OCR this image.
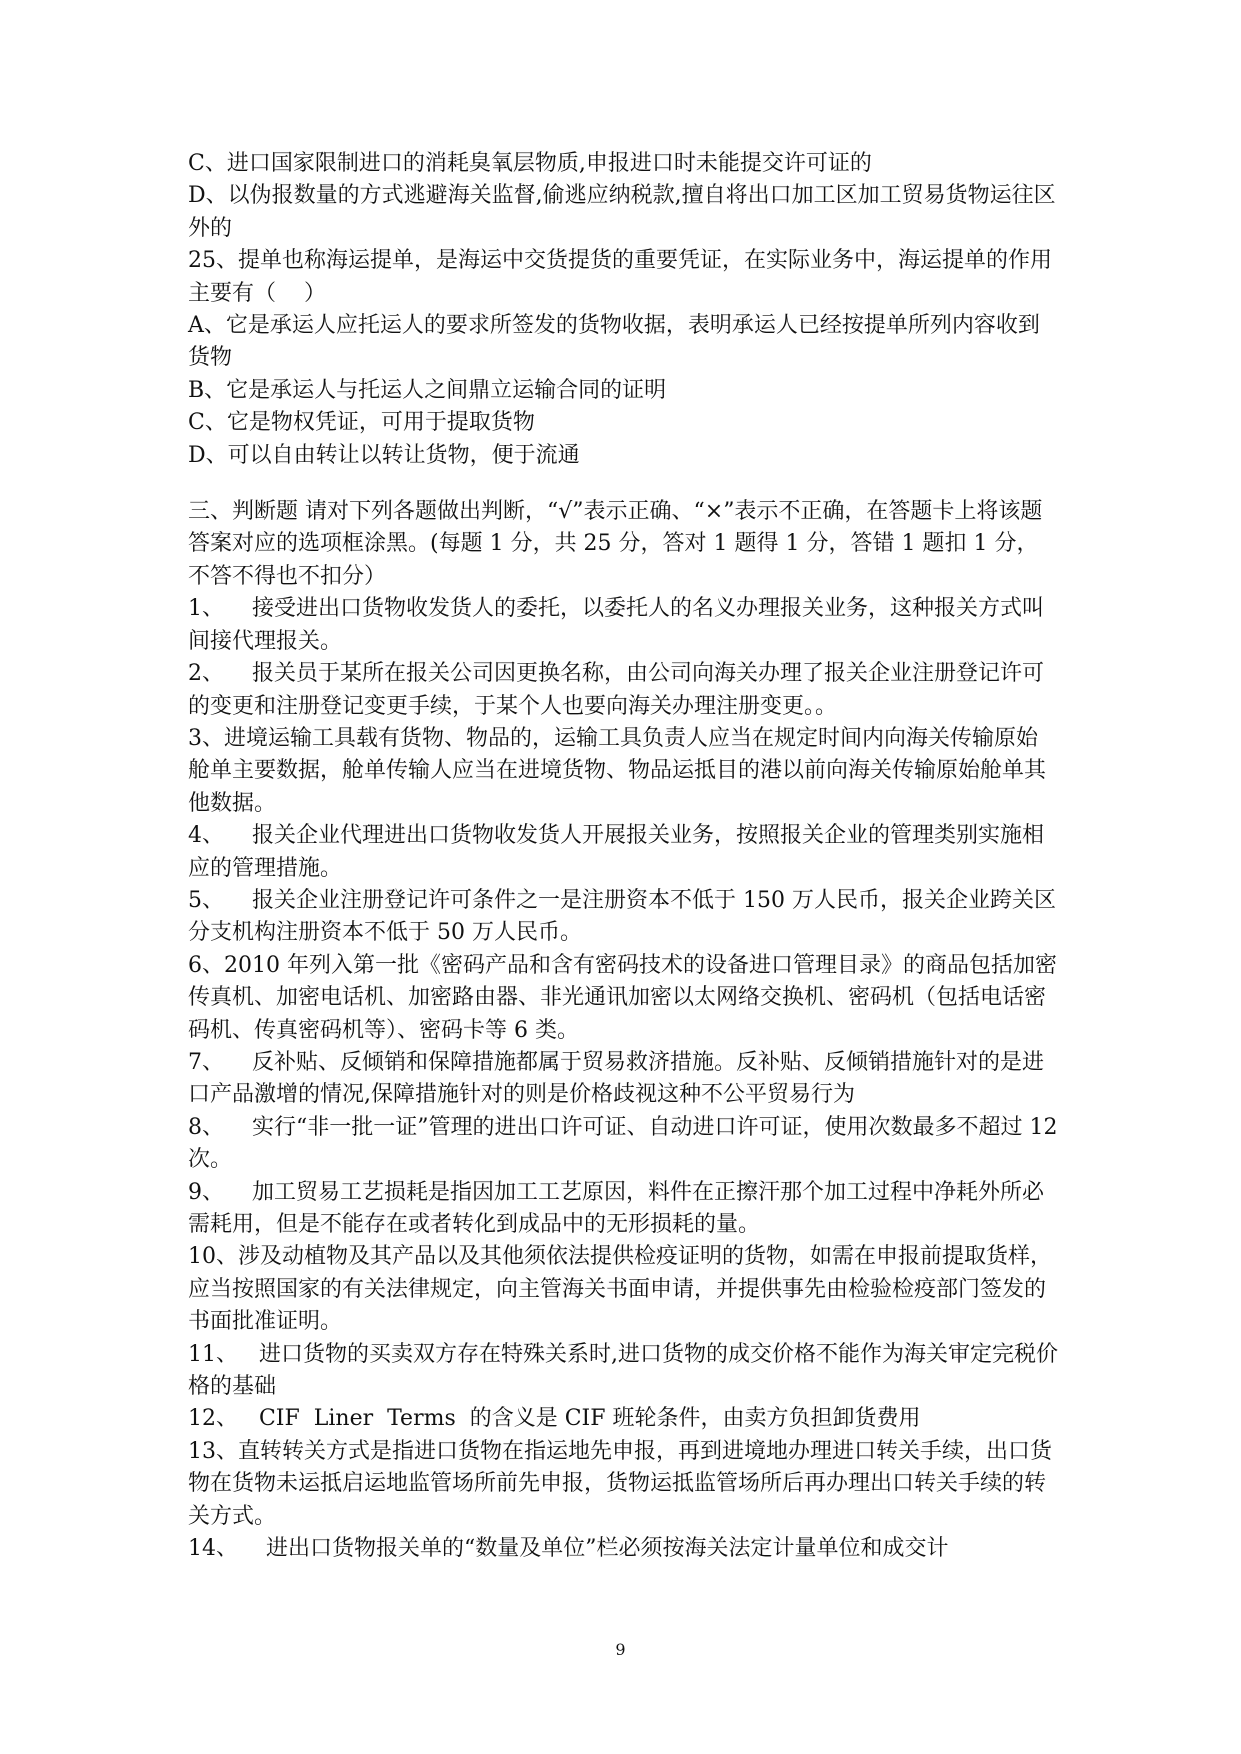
C、进口国家限制进口的消耗臭氧层物质,申报进口时未能提交许可证的

D、以伪报数量的方式逃避海关监督,偷逃应纳税款,擅自将出口加工区加工贸易货物运往区外的

25、提单也称海运提单，是海运中交货提货的重要凭证，在实际业务中，海运提单的作用主要有（    ）

A、它是承运人应托运人的要求所签发的货物收据，表明承运人已经按提单所列内容收到货物

B、它是承运人与托运人之间鼎立运输合同的证明

C、它是物权凭证，可用于提取货物

D、可以自由转让以转让货物，便于流通

三、判断题 请对下列各题做出判断，“√”表示正确、“×”表示不正确，在答题卡上将该题答案对应的选项框涂黑。(每题 1 分，共 25 分，答对 1 题得 1 分，答错 1 题扣 1 分，不答不得也不扣分）

1、    接受进出口货物收发货人的委托，以委托人的名义办理报关业务，这种报关方式叫间接代理报关。

2、    报关员于某所在报关公司因更换名称，由公司向海关办理了报关企业注册登记许可的变更和注册登记变更手续，于某个人也要向海关办理注册变更。。

3、进境运输工具载有货物、物品的，运输工具负责人应当在规定时间内向海关传输原始舱单主要数据，舱单传输人应当在进境货物、物品运抵目的港以前向海关传输原始舱单其他数据。

4、    报关企业代理进出口货物收发货人开展报关业务，按照报关企业的管理类别实施相应的管理措施。

5、    报关企业注册登记许可条件之一是注册资本不低于 150 万人民币，报关企业跨关区分支机构注册资本不低于 50 万人民币。

6、2010 年列入第一批《密码产品和含有密码技术的设备进口管理目录》的商品包括加密传真机、加密电话机、加密路由器、非光通讯加密以太网络交换机、密码机（包括电话密码机、传真密码机等）、密码卡等 6 类。

7、    反补贴、反倾销和保障措施都属于贸易救济措施。反补贴、反倾销措施针对的是进口产品激增的情况,保障措施针对的则是价格歧视这种不公平贸易行为

8、    实行“非一批一证”管理的进出口许可证、自动进口许可证，使用次数最多不超过 12 次。

9、    加工贸易工艺损耗是指因加工工艺原因，料件在正擦汗那个加工过程中净耗外所必需耗用，但是不能存在或者转化到成品中的无形损耗的量。

10、涉及动植物及其产品以及其他须依法提供检疫证明的货物，如需在申报前提取货样，应当按照国家的有关法律规定，向主管海关书面申请，并提供事先由检验检疫部门签发的书面批准证明。

11、   进口货物的买卖双方存在特殊关系时,进口货物的成交价格不能作为海关审定完税价格的基础

12、   CIF  Liner  Terms  的含义是 CIF 班轮条件，由卖方负担卸货费用

13、直转转关方式是指进口货物在指运地先申报，再到进境地办理进口转关手续，出口货物在货物未运抵启运地监管场所前先申报，货物运抵监管场所后再办理出口转关手续的转关方式。

14、    进出口货物报关单的“数量及单位”栏必须按海关法定计量单位和成交计

9
